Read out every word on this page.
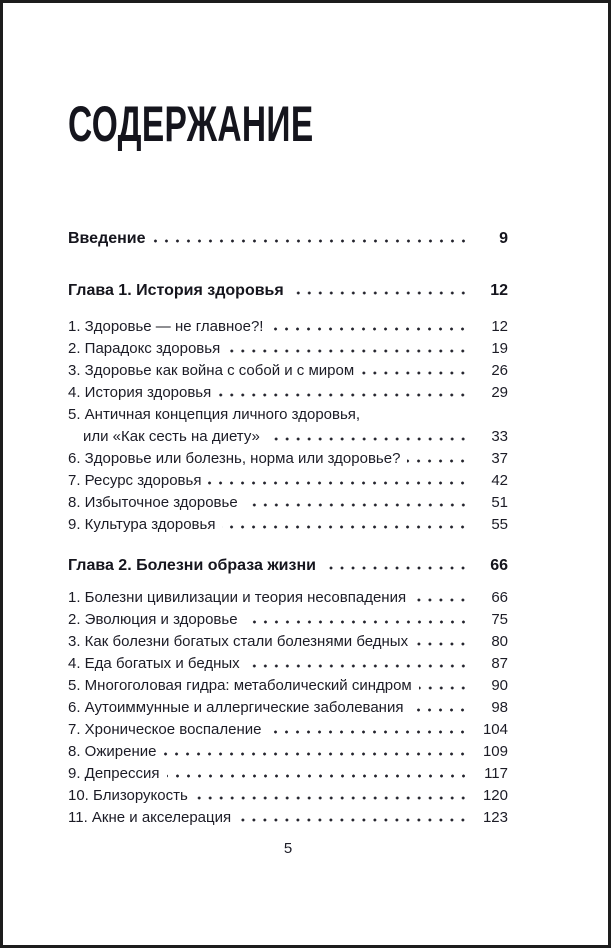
СОДЕРЖАНИЕ
Введение	9
Глава 1. История здоровья	12
1. Здоровье — не главное?!	12
2. Парадокс здоровья	19
3. Здоровье как война с собой и с миром	26
4. История здоровья	29
5. Античная концепция личного здоровья,
или «Как сесть на диету»	33
6. Здоровье или болезнь, норма или здоровье?	37
7. Ресурс здоровья	42
8. Избыточное здоровье	51
9. Культура здоровья	55
Глава 2. Болезни образа жизни	66
1. Болезни цивилизации и теория несовпадения	66
2. Эволюция и здоровье	75
3. Как болезни богатых стали болезнями бедных	80
4. Еда богатых и бедных	87
5. Многоголовая гидра: метаболический синдром	90
6. Аутоиммунные и аллергические заболевания	98
7. Хроническое воспаление	104
8. Ожирение	109
9. Депрессия	117
10. Близорукость	120
11. Акне и акселерация	123
5
